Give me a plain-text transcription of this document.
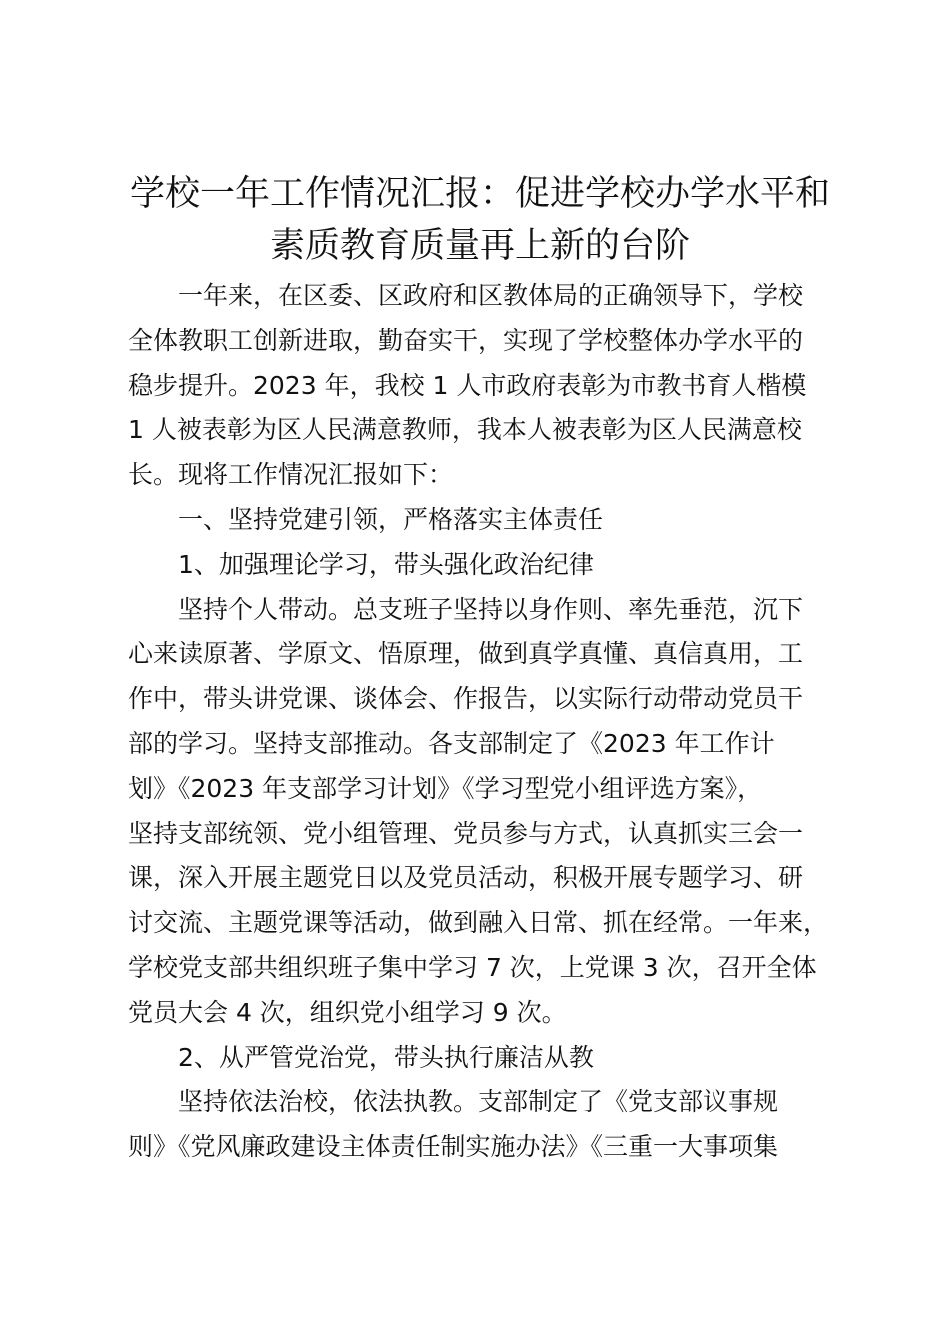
学校一年工作情况汇报：促进学校办学水平和
素质教育质量再上新的台阶
一年来，在区委、区政府和区教体局的正确领导下，学校
全体教职工创新进取，勤奋实干，实现了学校整体办学水平的
稳步提升。2023 年，我校 1 人市政府表彰为市教书育人楷模
1 人被表彰为区人民满意教师，我本人被表彰为区人民满意校
长。现将工作情况汇报如下：
一、坚持党建引领，严格落实主体责任
1、加强理论学习，带头强化政治纪律
坚持个人带动。总支班子坚持以身作则、率先垂范，沉下
心来读原著、学原文、悟原理，做到真学真懂、真信真用，工
作中，带头讲党课、谈体会、作报告，以实际行动带动党员干
部的学习。坚持支部推动。各支部制定了《2023 年工作计
划》《2023 年支部学习计划》《学习型党小组评选方案》，
坚持支部统领、党小组管理、党员参与方式，认真抓实三会一
课，深入开展主题党日以及党员活动，积极开展专题学习、研
讨交流、主题党课等活动，做到融入日常、抓在经常。一年来，
学校党支部共组织班子集中学习 7 次，上党课 3 次，召开全体
党员大会 4 次，组织党小组学习 9 次。
2、从严管党治党，带头执行廉洁从教
坚持依法治校，依法执教。支部制定了《党支部议事规
则》《党风廉政建设主体责任制实施办法》《三重一大事项集
